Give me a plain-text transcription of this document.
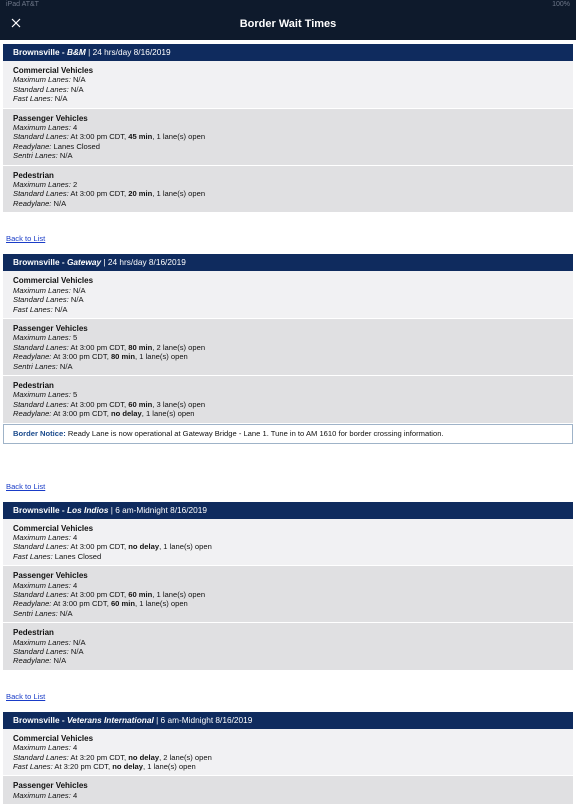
iPad AT&T	100%
Border Wait Times
Brownsville - B&M | 24 hrs/day 8/16/2019
Commercial Vehicles
Maximum Lanes: N/A
Standard Lanes: N/A
Fast Lanes: N/A
Passenger Vehicles
Maximum Lanes: 4
Standard Lanes: At 3:00 pm CDT, 45 min, 1 lane(s) open
Readylane: Lanes Closed
Sentri Lanes: N/A
Pedestrian
Maximum Lanes: 2
Standard Lanes: At 3:00 pm CDT, 20 min, 1 lane(s) open
Readylane: N/A
Back to List
Brownsville - Gateway | 24 hrs/day 8/16/2019
Commercial Vehicles
Maximum Lanes: N/A
Standard Lanes: N/A
Fast Lanes: N/A
Passenger Vehicles
Maximum Lanes: 5
Standard Lanes: At 3:00 pm CDT, 80 min, 2 lane(s) open
Readylane: At 3:00 pm CDT, 80 min, 1 lane(s) open
Sentri Lanes: N/A
Pedestrian
Maximum Lanes: 5
Standard Lanes: At 3:00 pm CDT, 60 min, 3 lane(s) open
Readylane: At 3:00 pm CDT, no delay, 1 lane(s) open
Border Notice: Ready Lane is now operational at Gateway Bridge - Lane 1. Tune in to AM 1610 for border crossing information.
Back to List
Brownsville - Los Indios | 6 am-Midnight 8/16/2019
Commercial Vehicles
Maximum Lanes: 4
Standard Lanes: At 3:00 pm CDT, no delay, 1 lane(s) open
Fast Lanes: Lanes Closed
Passenger Vehicles
Maximum Lanes: 4
Standard Lanes: At 3:00 pm CDT, 60 min, 1 lane(s) open
Readylane: At 3:00 pm CDT, 60 min, 1 lane(s) open
Sentri Lanes: N/A
Pedestrian
Maximum Lanes: N/A
Standard Lanes: N/A
Readylane: N/A
Back to List
Brownsville - Veterans International | 6 am-Midnight 8/16/2019
Commercial Vehicles
Maximum Lanes: 4
Standard Lanes: At 3:20 pm CDT, no delay, 2 lane(s) open
Fast Lanes: At 3:20 pm CDT, no delay, 1 lane(s) open
Passenger Vehicles
Maximum Lanes: 4
